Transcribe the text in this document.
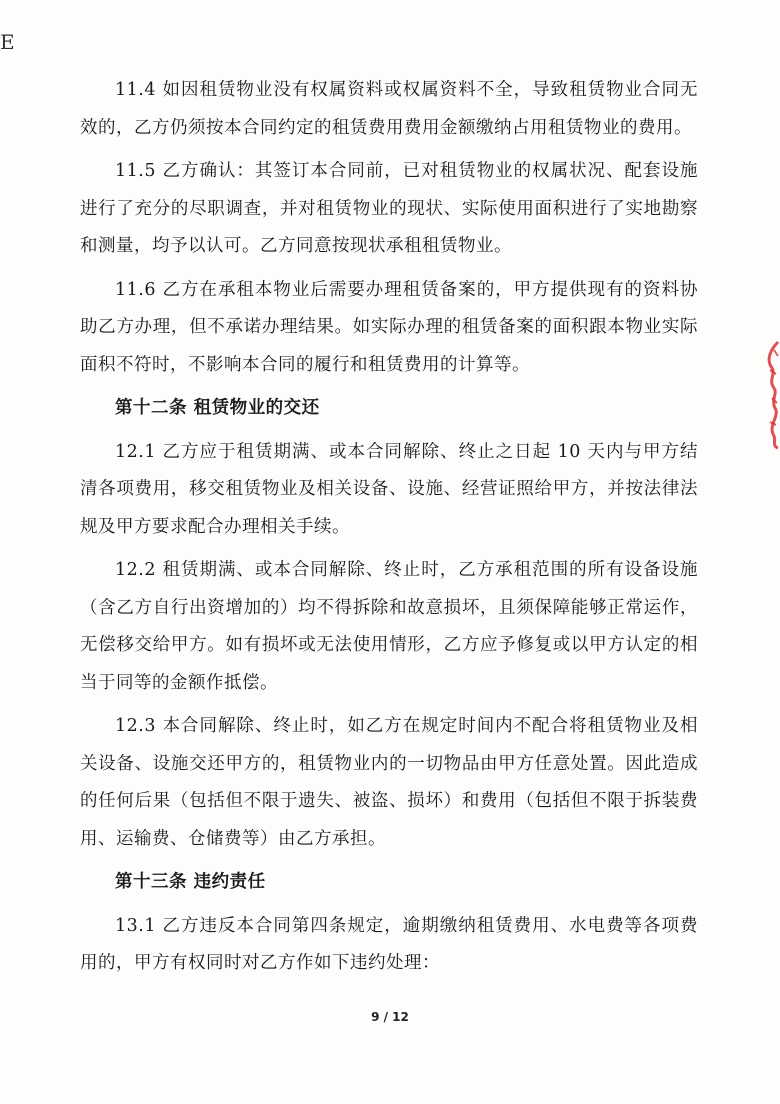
E

11.4 如因租赁物业没有权属资料或权属资料不全，导致租赁物业合同无效的，乙方仍须按本合同约定的租赁费用费用金额缴纳占用租赁物业的费用。

11.5 乙方确认：其签订本合同前，已对租赁物业的权属状况、配套设施进行了充分的尽职调查，并对租赁物业的现状、实际使用面积进行了实地勘察和测量，均予以认可。乙方同意按现状承租租赁物业。

11.6 乙方在承租本物业后需要办理租赁备案的，甲方提供现有的资料协助乙方办理，但不承诺办理结果。如实际办理的租赁备案的面积跟本物业实际面积不符时，不影响本合同的履行和租赁费用的计算等。

第十二条 租赁物业的交还

12.1 乙方应于租赁期满、或本合同解除、终止之日起 10 天内与甲方结清各项费用，移交租赁物业及相关设备、设施、经营证照给甲方，并按法律法规及甲方要求配合办理相关手续。

12.2 租赁期满、或本合同解除、终止时，乙方承租范围的所有设备设施（含乙方自行出资增加的）均不得拆除和故意损坏，且须保障能够正常运作，无偿移交给甲方。如有损坏或无法使用情形，乙方应予修复或以甲方认定的相当于同等的金额作抵偿。

12.3 本合同解除、终止时，如乙方在规定时间内不配合将租赁物业及相关设备、设施交还甲方的，租赁物业内的一切物品由甲方任意处置。因此造成的任何后果（包括但不限于遗失、被盗、损坏）和费用（包括但不限于拆装费用、运输费、仓储费等）由乙方承担。

第十三条 违约责任

13.1 乙方违反本合同第四条规定，逾期缴纳租赁费用、水电费等各项费用的，甲方有权同时对乙方作如下违约处理：

9 / 12
